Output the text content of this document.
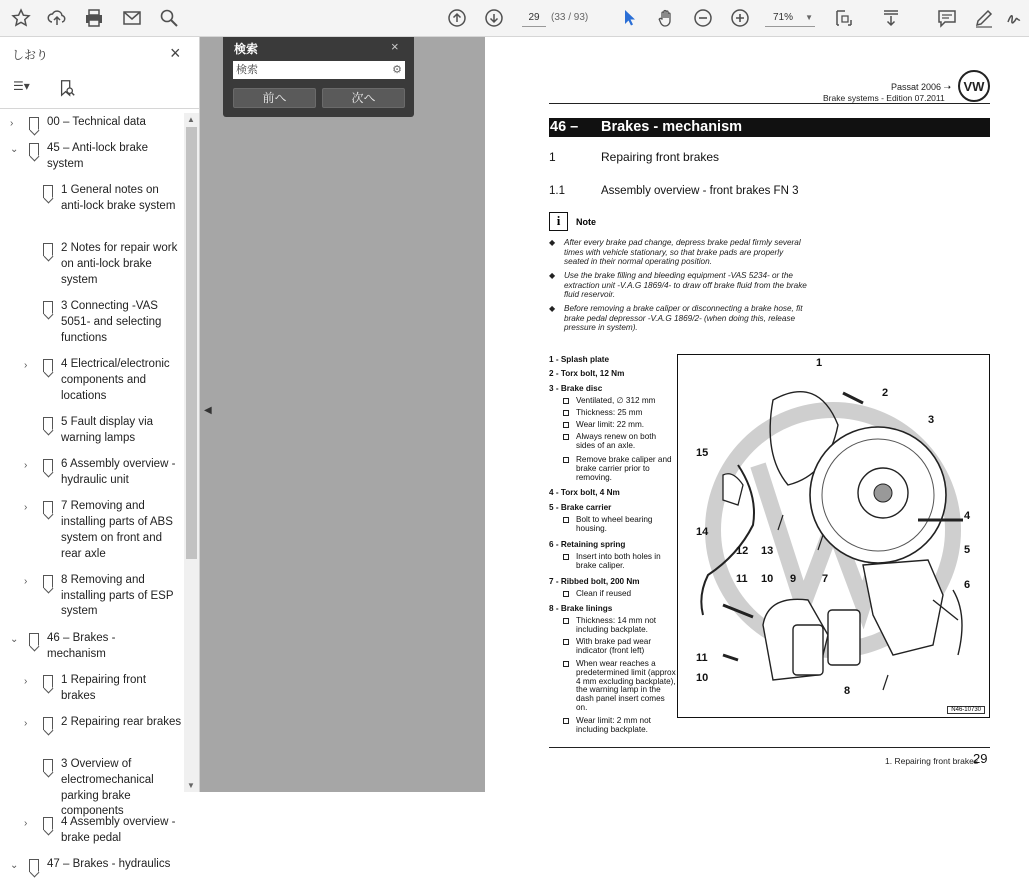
29	(33 / 93)	71% ▼
しおり	×
☰▾
›	00 – Technical data
⌄ 45 – Anti-lock brake system
1 General notes on anti-lock brake system
2 Notes for repair work on anti-lock brake system
3 Connecting -VAS 5051- and selecting functions
›	4 Electrical/electronic components and locations
5 Fault display via warning lamps
›	6 Assembly overview - hydraulic unit
›	7 Removing and installing parts of ABS system on front and rear axle
›	8 Removing and installing parts of ESP system
⌄ 46 – Brakes - mechanism
›	1 Repairing front brakes
›	2 Repairing rear brakes
3 Overview of electromechanical parking brake components
›	4 Assembly overview - brake pedal
⌄ 47 – Brakes - hydraulics
▲
▼
◀
検索	×
検索	⚙
前へ	次へ
Passat 2006 ➝
Brake systems - Edition 07.2011
VW
46 – Brakes - mechanism
1	Repairing front brakes
1.1	Assembly overview - front brakes FN 3
i	Note
◆ After every brake pad change, depress brake pedal firmly several times with vehicle stationary, so that brake pads are properly seated in their normal operating position.
◆ Use the brake filling and bleeding equipment -VAS 5234- or the extraction unit -V.A.G 1869/4- to draw off brake fluid from the brake fluid reservoir.
◆ Before removing a brake caliper or disconnecting a brake hose, fit brake pedal depressor -V.A.G 1869/2- (when doing this, release pressure in system).
1 - Splash plate
2 - Torx bolt, 12 Nm
3 - Brake disc
Ventilated, ∅ 312 mm
Thickness: 25 mm
Wear limit: 22 mm.
Always renew on both sides of an axle.
Remove brake caliper and brake carrier prior to removing.
4 - Torx bolt, 4 Nm
5 - Brake carrier
Bolt to wheel bearing housing.
6 - Retaining spring
Insert into both holes in brake caliper.
7 - Ribbed bolt, 200 Nm
Clean if reused
8 - Brake linings
Thickness: 14 mm not including backplate.
With brake pad wear indicator (front left)
When wear reaches a predetermined limit (approx 4 mm excluding backplate), the warning lamp in the dash panel insert comes on.
Wear limit: 2 mm not including backplate.
1
2
3
4
5
6
7
8
9
10
11
12 13
14
15
11
10
N46-10730
1. Repairing front brakes
29
